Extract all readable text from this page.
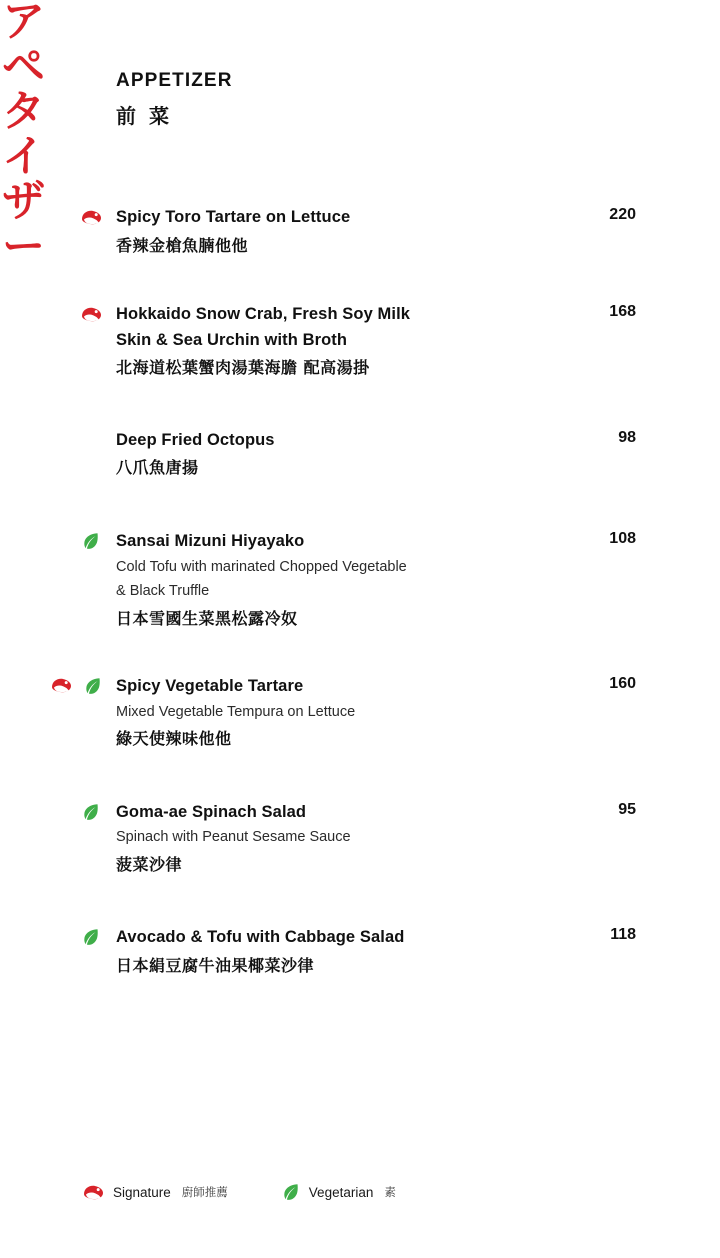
ア
ペ
タ
イ
ザ
ー
APPETIZER
前 菜
Spicy Toro Tartare on Lettuce
香辣金槍魚腩他他
220
Hokkaido Snow Crab, Fresh Soy Milk
Skin & Sea Urchin with Broth
北海道松葉蟹肉湯葉海膽 配高湯掛
168
Deep Fried Octopus
八爪魚唐揚
98
Sansai Mizuni Hiyayako
Cold Tofu with marinated Chopped Vegetable
& Black Truffle
日本雪國生菜黑松露冷奴
108
Spicy Vegetable Tartare
Mixed Vegetable Tempura on Lettuce
綠天使辣味他他
160
Goma-ae Spinach Salad
Spinach with Peanut Sesame Sauce
菠菜沙律
95
Avocado & Tofu with Cabbage Salad
日本絹豆腐牛油果椰菜沙律
118
Signature 廚師推薦	Vegetarian 素
